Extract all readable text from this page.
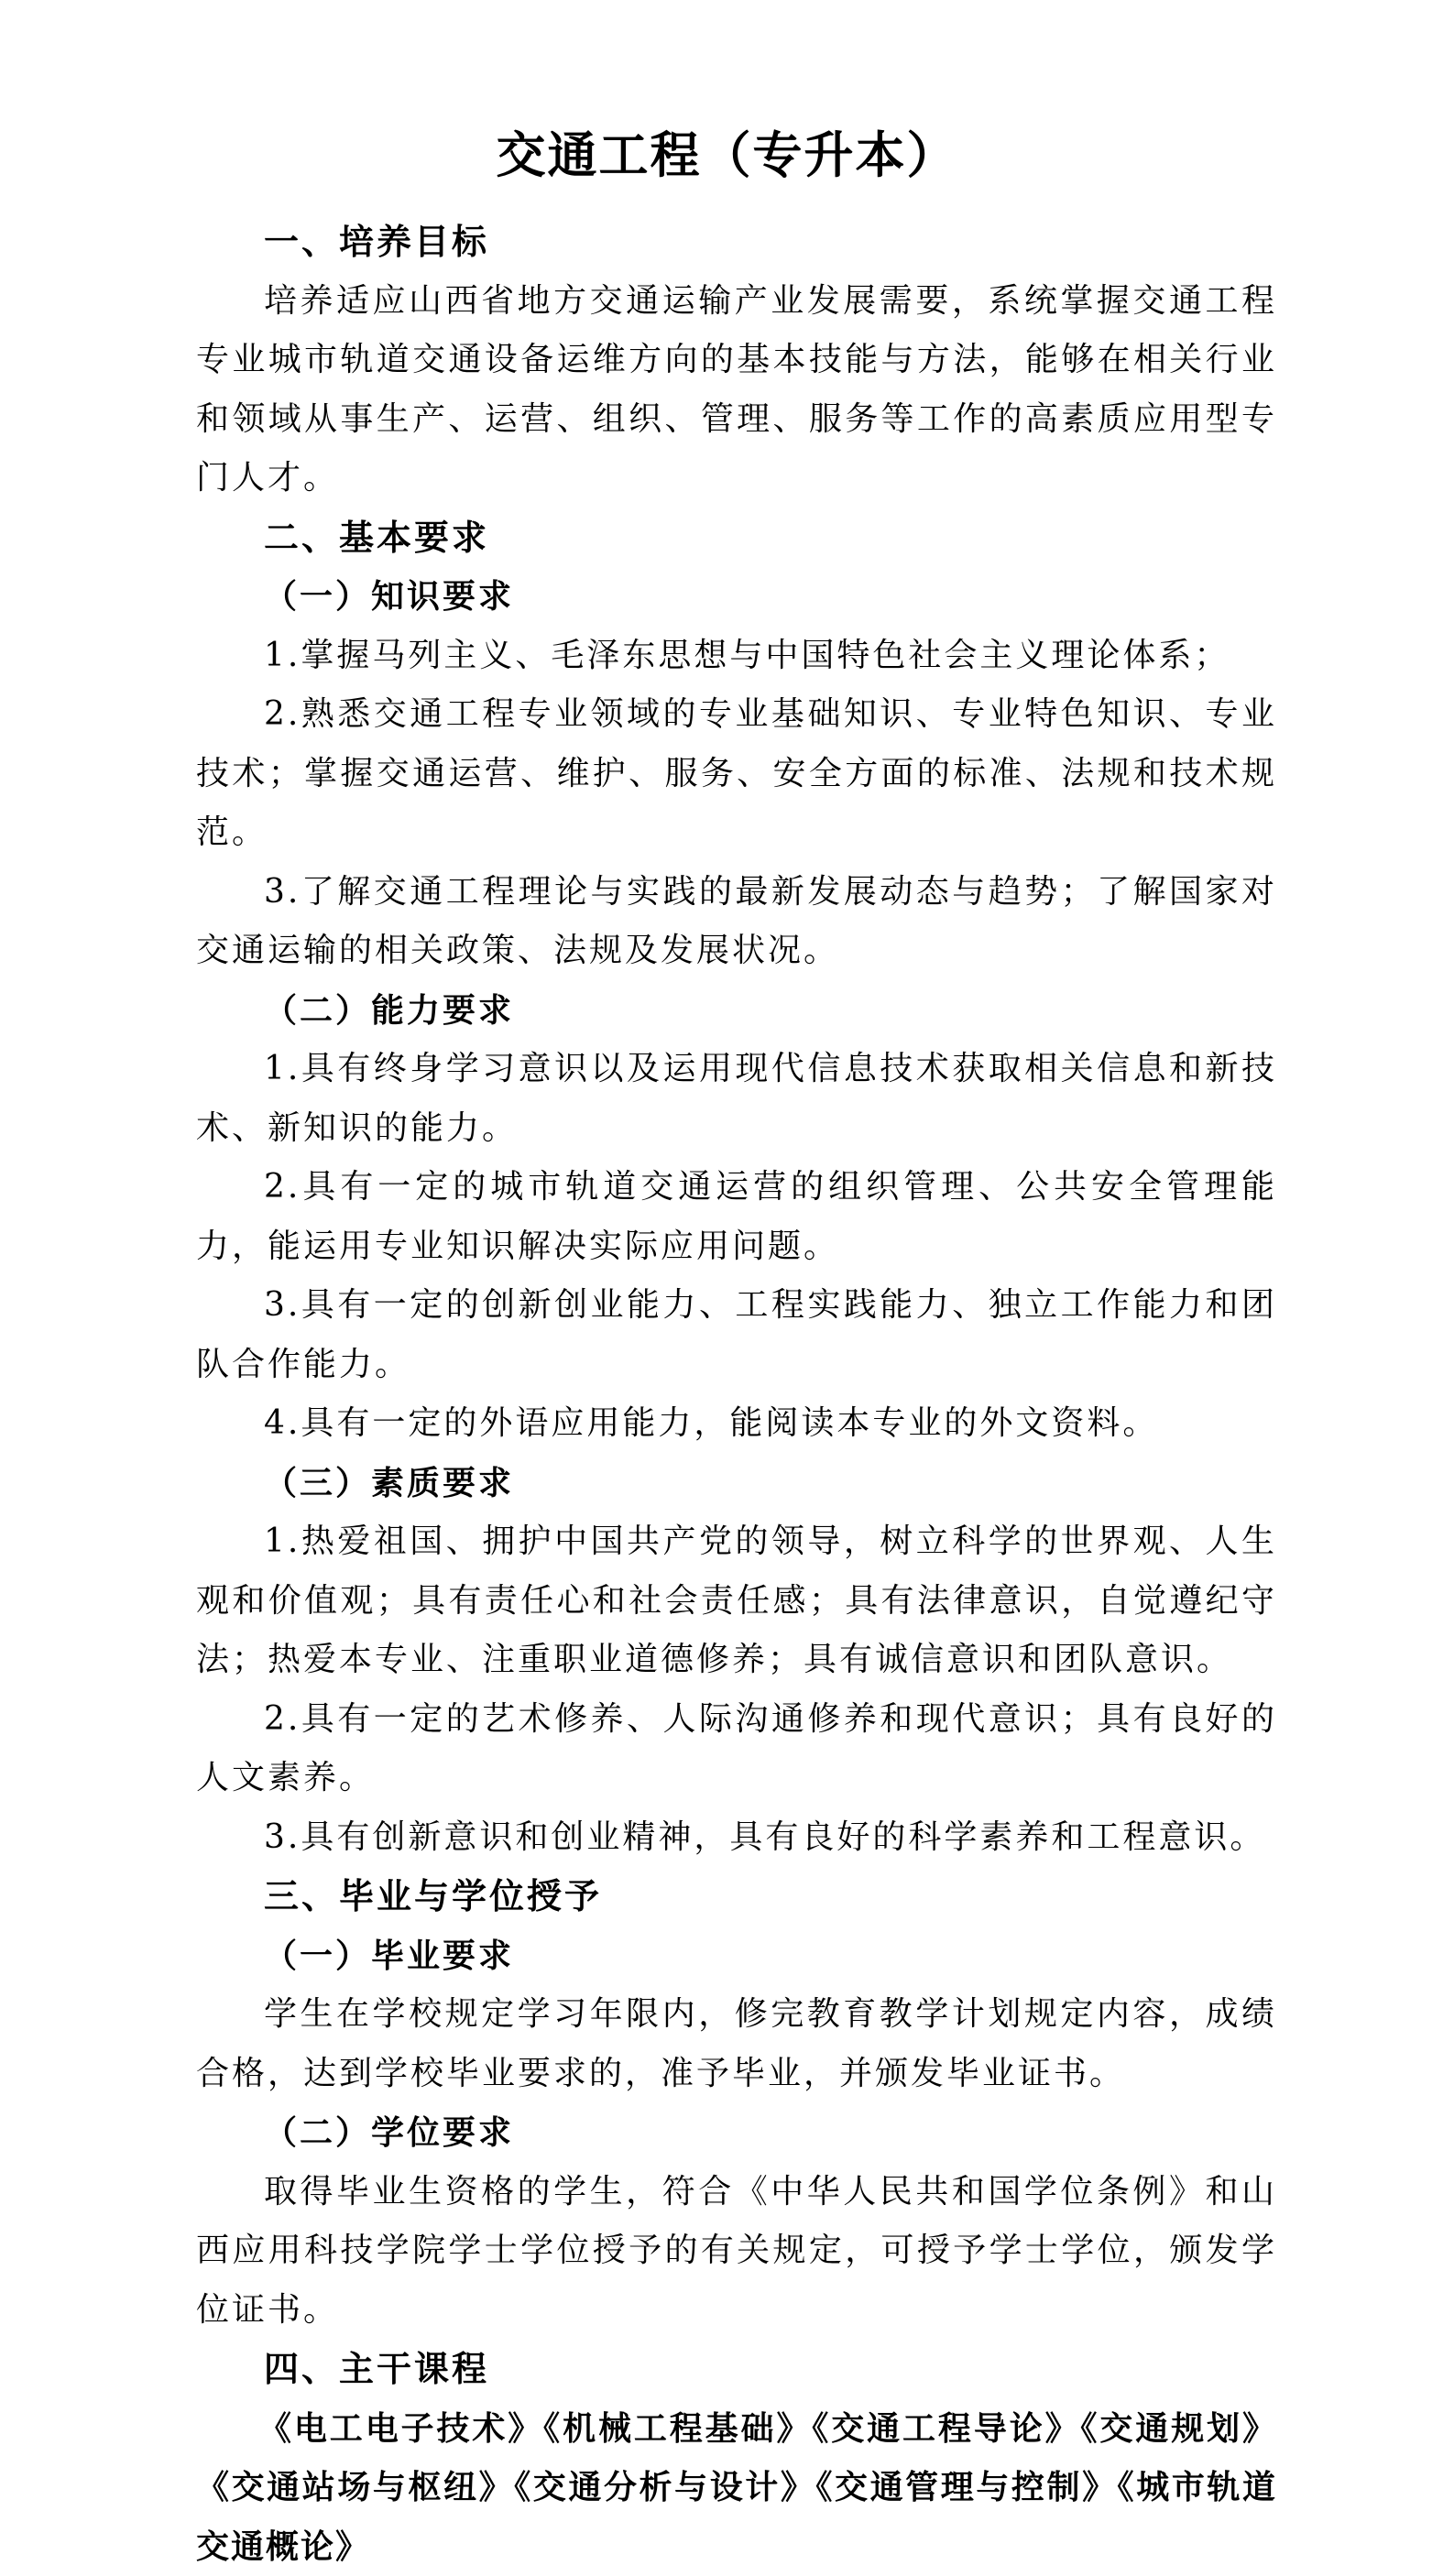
交通工程（专升本）

一、培养目标

培养适应山西省地方交通运输产业发展需要，系统掌握交通工程专业城市轨道交通设备运维方向的基本技能与方法，能够在相关行业和领域从事生产、运营、组织、管理、服务等工作的高素质应用型专门人才。

二、基本要求

（一）知识要求

1.掌握马列主义、毛泽东思想与中国特色社会主义理论体系；

2.熟悉交通工程专业领域的专业基础知识、专业特色知识、专业技术；掌握交通运营、维护、服务、安全方面的标准、法规和技术规范。

3.了解交通工程理论与实践的最新发展动态与趋势；了解国家对交通运输的相关政策、法规及发展状况。

（二）能力要求

1.具有终身学习意识以及运用现代信息技术获取相关信息和新技术、新知识的能力。

2.具有一定的城市轨道交通运营的组织管理、公共安全管理能力，能运用专业知识解决实际应用问题。

3.具有一定的创新创业能力、工程实践能力、独立工作能力和团队合作能力。

4.具有一定的外语应用能力，能阅读本专业的外文资料。

（三）素质要求

1.热爱祖国、拥护中国共产党的领导，树立科学的世界观、人生观和价值观；具有责任心和社会责任感；具有法律意识，自觉遵纪守法；热爱本专业、注重职业道德修养；具有诚信意识和团队意识。

2.具有一定的艺术修养、人际沟通修养和现代意识；具有良好的人文素养。

3.具有创新意识和创业精神，具有良好的科学素养和工程意识。

三、毕业与学位授予

（一）毕业要求

学生在学校规定学习年限内，修完教育教学计划规定内容，成绩合格，达到学校毕业要求的，准予毕业，并颁发毕业证书。

（二）学位要求

取得毕业生资格的学生，符合《中华人民共和国学位条例》和山西应用科技学院学士学位授予的有关规定，可授予学士学位，颁发学位证书。

四、主干课程

《电工电子技术》《机械工程基础》《交通工程导论》《交通规划》《交通站场与枢纽》《交通分析与设计》《交通管理与控制》《城市轨道交通概论》
